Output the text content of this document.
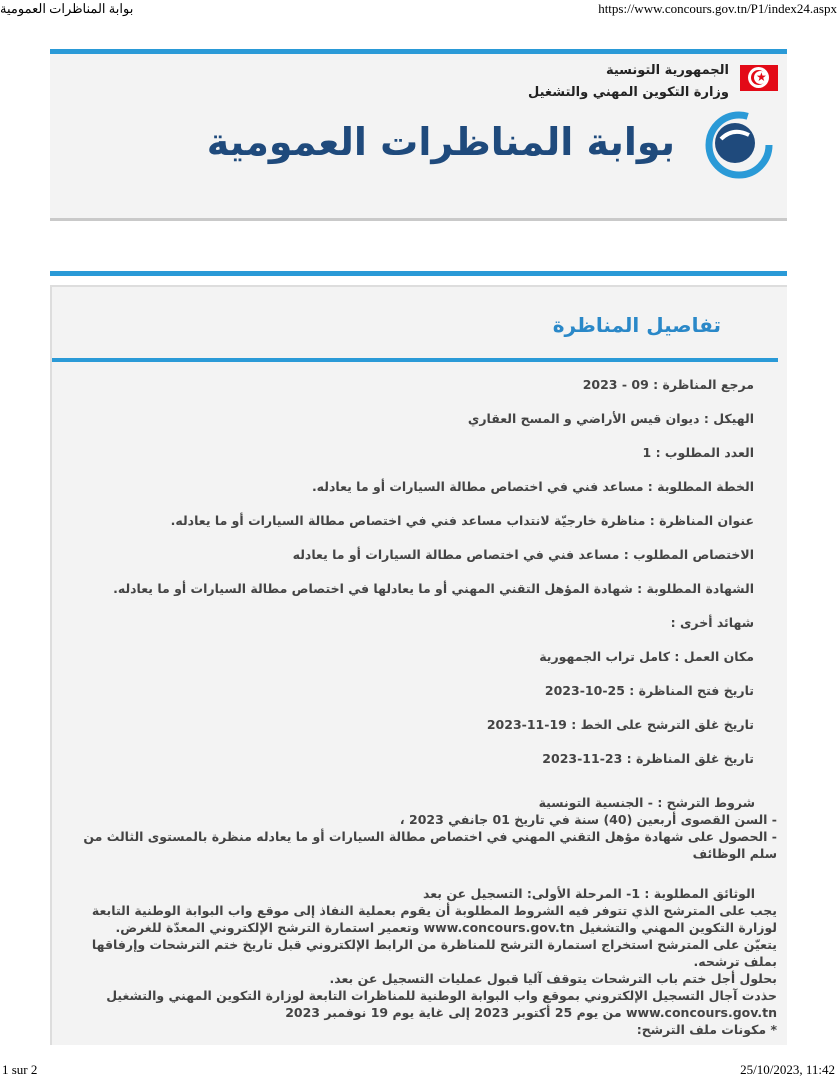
بوابة المناظرات العمومية	https://www.concours.gov.tn/P1/index24.aspx
★
الجمهورية التونسية
وزارة التكوين المهني والتشغيل
بوابة المناظرات العمومية
تفاصيل المناظرة
مرجع المناظرة : 09 - 2023
الهيكل : ديوان قيس الأراضي و المسح العقاري
العدد المطلوب : 1
الخطة المطلوبة : مساعد فني في اختصاص مطالة السيارات أو ما يعادله.
عنوان المناظرة : مناظرة خارجيّة لانتداب مساعد فني في اختصاص مطالة السيارات أو ما يعادله.
الاختصاص المطلوب : مساعد فني في اختصاص مطالة السيارات أو ما يعادله
الشهادة المطلوبة : شهادة المؤهل التقني المهني أو ما يعادلها في اختصاص مطالة السيارات أو ما يعادله.
شهائد أخرى :
مكان العمل : كامل تراب الجمهورية
تاريخ فتح المناظرة : 25-10-2023
تاريخ غلق الترشح على الخط : 19-11-2023
تاريخ غلق المناظرة : 23-11-2023
شروط الترشح : - الجنسية التونسية
- السن القصوى أربعين (40) سنة في تاريخ 01 جانفي 2023 ،
- الحصول على شهادة مؤهل التقني المهني في اختصاص مطالة السيارات أو ما يعادله منظرة بالمستوى الثالث من سلم الوظائف
الوثائق المطلوبة : 1- المرحلة الأولى: التسجيل عن بعد
يجب على المترشح الذي تتوفر فيه الشروط المطلوبة أن يقوم بعملية النفاذ إلى موقع واب البوابة الوطنية التابعة لوزارة التكوين المهني والتشغيل www.concours.gov.tn وتعمير استمارة الترشح الإلكتروني المعدّة للغرض.
يتعيّن على المترشح استخراج استمارة الترشح للمناظرة من الرابط الإلكتروني قبل تاريخ ختم الترشحات وإرفاقها بملف ترشحه.
بحلول أجل ختم باب الترشحات يتوقف آليا قبول عمليات التسجيل عن بعد.
حذدت آجال التسجيل الإلكتروني بموقع واب البوابة الوطنية للمناظرات التابعة لوزارة التكوين المهني والتشغيل www.concours.gov.tn من يوم 25 أكتوبر 2023 إلى غاية يوم 19 نوفمبر 2023
* مكونات ملف الترشح:
1 sur 2	25/10/2023, 11:42
